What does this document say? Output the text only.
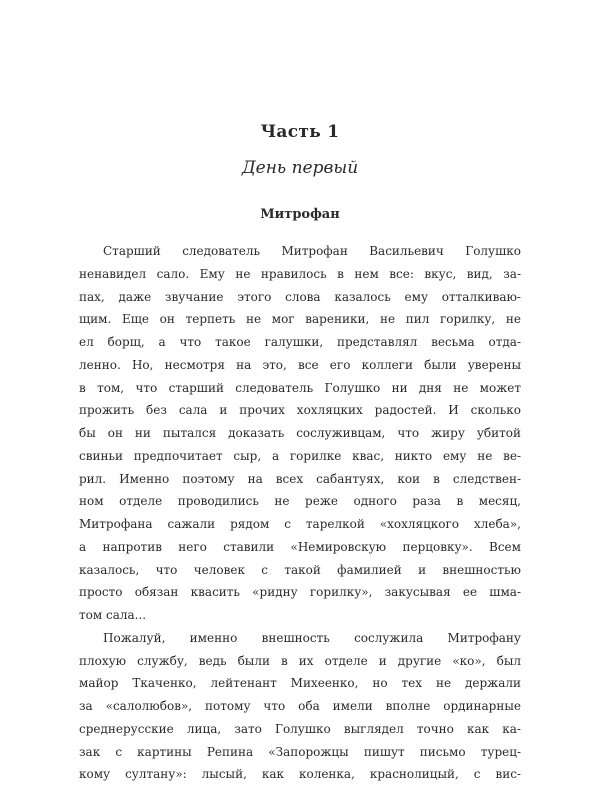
Часть 1
День первый
Митрофан
Старший следователь Митрофан Васильевич Голушко
ненавидел сало. Ему не нравилось в нем все: вкус, вид, за-
пах, даже звучание этого слова казалось ему отталкиваю-
щим. Еще он терпеть не мог вареники, не пил горилку, не
ел борщ, а что такое галушки, представлял весьма отда-
ленно. Но, несмотря на это, все его коллеги были уверены
в том, что старший следователь Голушко ни дня не может
прожить без сала и прочих хохляцких радостей. И сколько
бы он ни пытался доказать сослуживцам, что жиру убитой
свиньи предпочитает сыр, а горилке квас, никто ему не ве-
рил. Именно поэтому на всех сабантуях, кои в следствен-
ном отделе проводились не реже одного раза в месяц,
Митрофана сажали рядом с тарелкой «хохляцкого хлеба»,
а напротив него ставили «Немировскую перцовку». Всем
казалось, что человек с такой фамилией и внешностью
просто обязан квасить «ридну горилку», закусывая ее шма-
том сала...
Пожалуй, именно внешность сослужила Митрофану
плохую службу, ведь были в их отделе и другие «ко», был
майор Ткаченко, лейтенант Михеенко, но тех не держали
за «салолюбов», потому что оба имели вполне ординарные
среднерусские лица, зато Голушко выглядел точно как ка-
зак с картины Репина «Запорожцы пишут письмо турец-
кому султану»: лысый, как коленка, краснолицый, с вис-
